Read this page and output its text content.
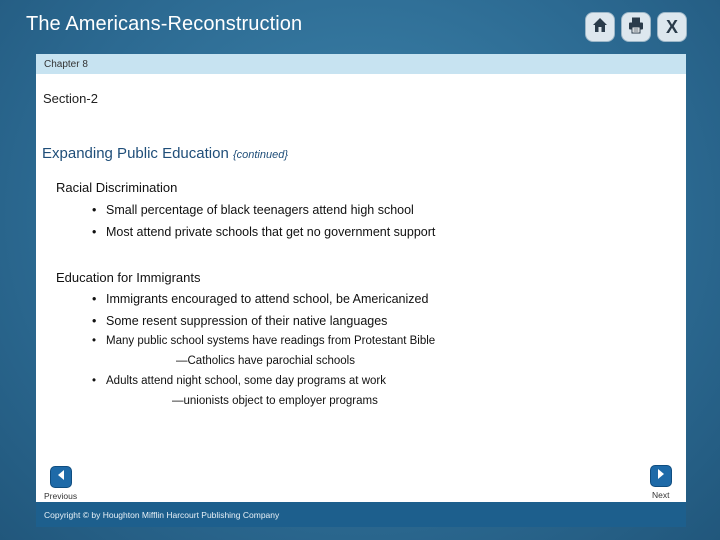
The Americans-Reconstruction	X
Chapter 8
Section-2
Expanding Public Education {continued}
Racial Discrimination
• Small percentage of black teenagers attend high school
• Most attend private schools that get no government support
Education for Immigrants
• Immigrants encouraged to attend school, be Americanized
• Some resent suppression of their native languages
• Many public school systems have readings from Protestant Bible
—Catholics have parochial schools
• Adults attend night school, some day programs at work
—unionists object to employer programs
Previous	Next
Copyright © by Houghton Mifflin Harcourt Publishing Company
